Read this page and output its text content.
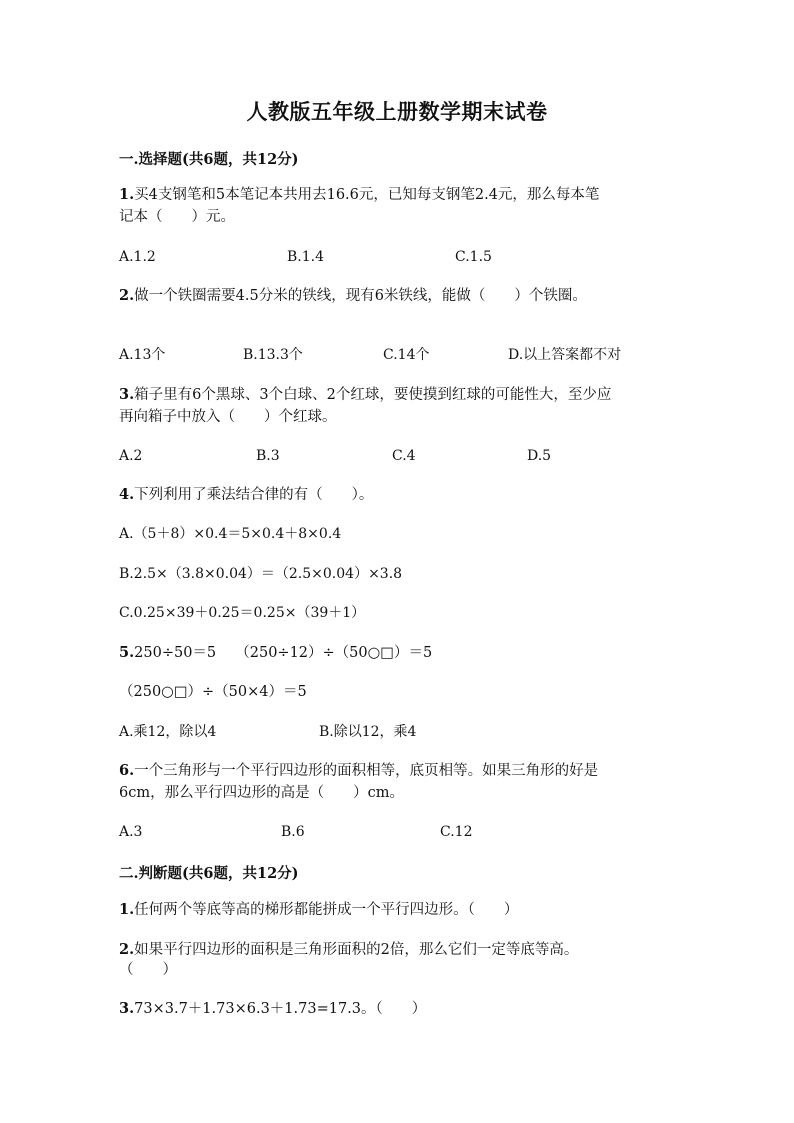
人教版五年级上册数学期末试卷
一.选择题(共6题，共12分)
1.买4支钢笔和5本笔记本共用去16.6元，已知每支钢笔2.4元，那么每本笔
记本（　　）元。
A.1.2	B.1.4	C.1.5
2.做一个铁圈需要4.5分米的铁线，现有6米铁线，能做（　　）个铁圈。
A.13个	B.13.3个	C.14个	D.以上答案都不对
3.箱子里有6个黑球、3个白球、2个红球，要使摸到红球的可能性大，至少应
再向箱子中放入（　　）个红球。
A.2	B.3	C.4	D.5
4.下列利用了乘法结合律的有（　　）。
A.（5＋8）×0.4＝5×0.4＋8×0.4
B.2.5×（3.8×0.04）＝（2.5×0.04）×3.8
C.0.25×39＋0.25＝0.25×（39＋1）
5.250÷50＝5　 （250÷12）÷（50○□）＝5
（250○□）÷（50×4）＝5
A.乘12，除以4	B.除以12，乘4
6.一个三角形与一个平行四边形的面积相等，底页相等。如果三角形的好是
6cm，那么平行四边形的高是（　　）cm。
A.3	B.6	C.12
二.判断题(共6题，共12分)
1.任何两个等底等高的梯形都能拼成一个平行四边形。（　　）
2.如果平行四边形的面积是三角形面积的2倍，那么它们一定等底等高。
（　　）
3.73×3.7＋1.73×6.3＋1.73=17.3。（　　）
